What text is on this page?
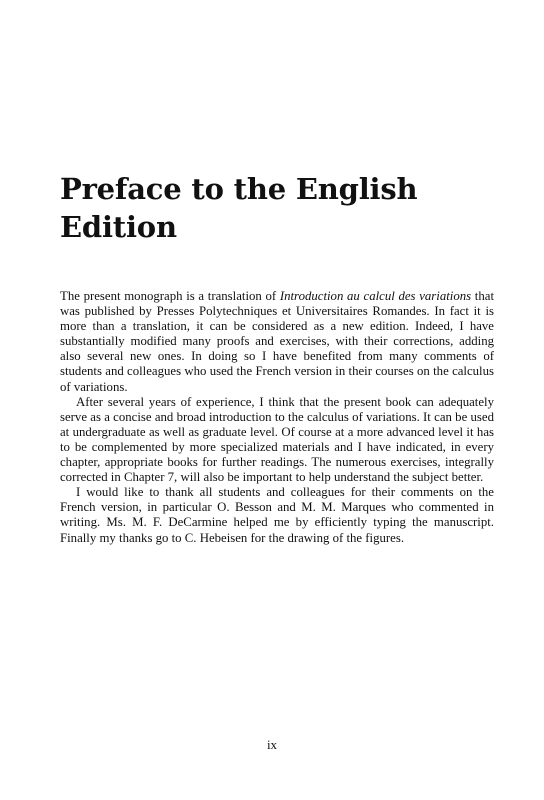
Preface to the English Edition

The present monograph is a translation of Introduction au calcul des variations that was published by Presses Polytechniques et Universitaires Romandes. In fact it is more than a translation, it can be considered as a new edition. Indeed, I have substantially modified many proofs and exercises, with their corrections, adding also several new ones. In doing so I have benefited from many comments of students and colleagues who used the French version in their courses on the calculus of variations.

After several years of experience, I think that the present book can adequately serve as a concise and broad introduction to the calculus of variations. It can be used at undergraduate as well as graduate level. Of course at a more advanced level it has to be complemented by more specialized materials and I have indicated, in every chapter, appropriate books for further readings. The numerous exercises, integrally corrected in Chapter 7, will also be important to help understand the subject better.

I would like to thank all students and colleagues for their comments on the French version, in particular O. Besson and M. M. Marques who commented in writing. Ms. M. F. DeCarmine helped me by efficiently typing the manuscript. Finally my thanks go to C. Hebeisen for the drawing of the figures.

ix
